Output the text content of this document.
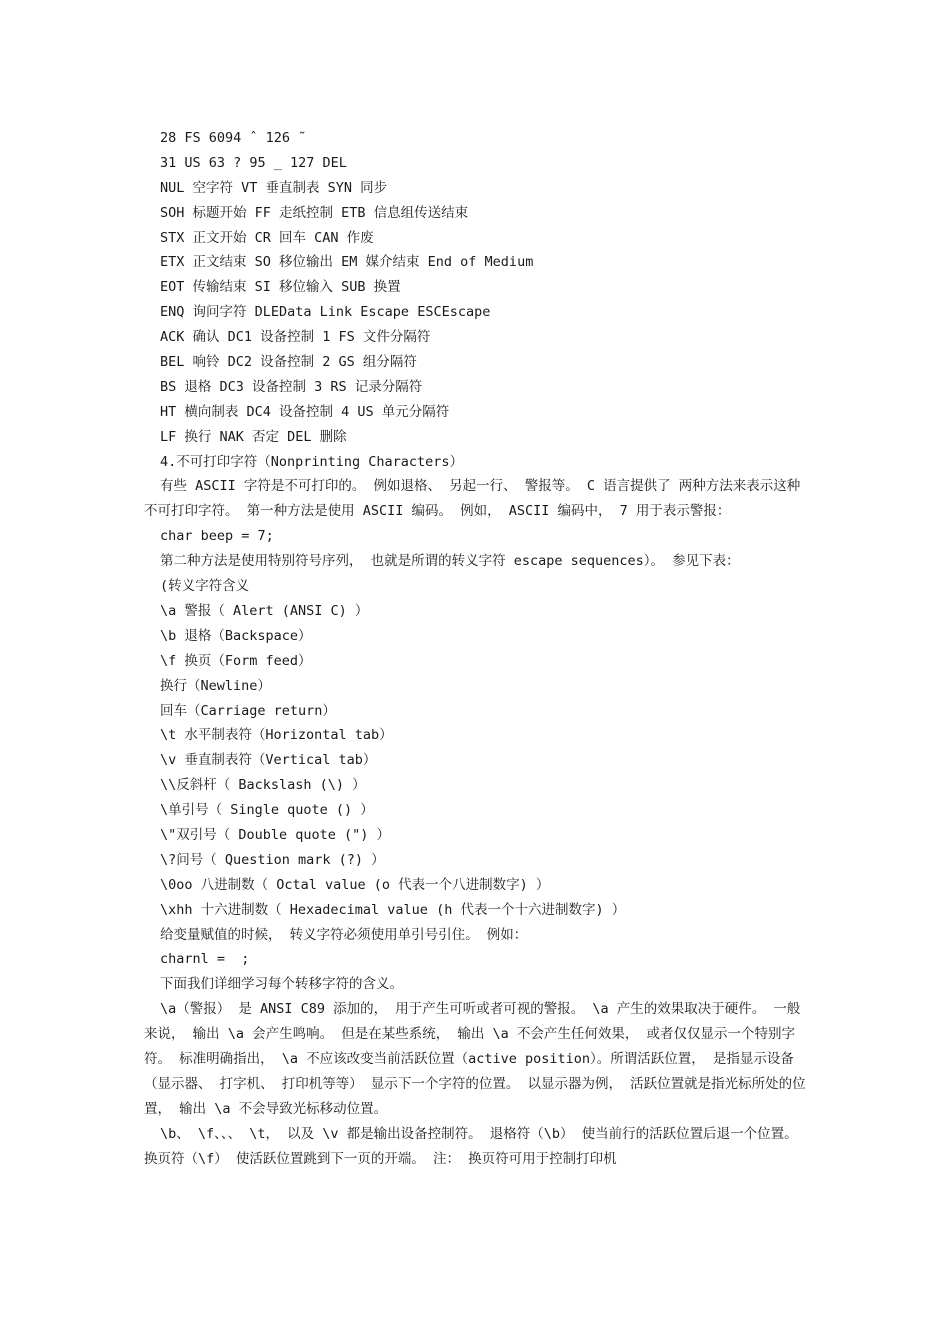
28 FS 6094 ˆ 126 ˜
31 US 63 ? 95 _ 127 DEL
NUL 空字符 VT 垂直制表 SYN 同步
SOH 标题开始 FF 走纸控制 ETB 信息组传送结束
STX 正文开始 CR 回车 CAN 作废
ETX 正文结束 SO 移位输出 EM 媒介结束 End of Medium
EOT 传输结束 SI 移位输入 SUB 换置
ENQ 询问字符 DLEData Link Escape ESCEscape
ACK 确认 DC1 设备控制 1 FS 文件分隔符
BEL 响铃 DC2 设备控制 2 GS 组分隔符
BS 退格 DC3 设备控制 3 RS 记录分隔符
HT 横向制表 DC4 设备控制 4 US 单元分隔符
LF 换行 NAK 否定 DEL 删除
4.不可打印字符（Nonprinting Characters）
有些 ASCII 字符是不可打印的。 例如退格、 另起一行、 警报等。 C 语言提供了 两种方法来表示这种不可打印字符。 第一种方法是使用 ASCII 编码。 例如， ASCII 编码中， 7 用于表示警报：
char beep = 7;
第二种方法是使用特别符号序列， 也就是所谓的转义字符 escape sequences）。 参见下表：
(转义字符含义
\a 警报（ Alert (ANSI C) ）
\b 退格（Backspace）
\f 换页（Form feed）
换行（Newline）
回车（Carriage return）
\t 水平制表符（Horizontal tab）
\v 垂直制表符（Vertical tab）
\\反斜杆（ Backslash (\) ）
\单引号（ Single quote () ）
\"双引号（ Double quote (") ）
\?问号（ Question mark (?) ）
\0oo 八进制数（ Octal value (o 代表一个八进制数字) ）
\xhh 十六进制数（ Hexadecimal value (h 代表一个十六进制数字) ）
给变量赋值的时候， 转义字符必须使用单引号引住。 例如：
charnl =  ;
下面我们详细学习每个转移字符的含义。
\a（警报） 是 ANSI C89 添加的， 用于产生可听或者可视的警报。 \a 产生的效果取决于硬件。 一般来说， 输出 \a 会产生鸣响。 但是在某些系统， 输出 \a 不会产生任何效果， 或者仅仅显示一个特别字符。 标准明确指出， \a 不应该改变当前活跃位置（active position）。所谓活跃位置， 是指显示设备（显示器、 打字机、 打印机等等） 显示下一个字符的位置。 以显示器为例， 活跃位置就是指光标所处的位置， 输出 \a 不会导致光标移动位置。
\b、 \f、、、 \t， 以及 \v 都是输出设备控制符。 退格符（\b） 使当前行的活跃位置后退一个位置。 换页符（\f） 使活跃位置跳到下一页的开端。 注： 换页符可用于控制打印机
